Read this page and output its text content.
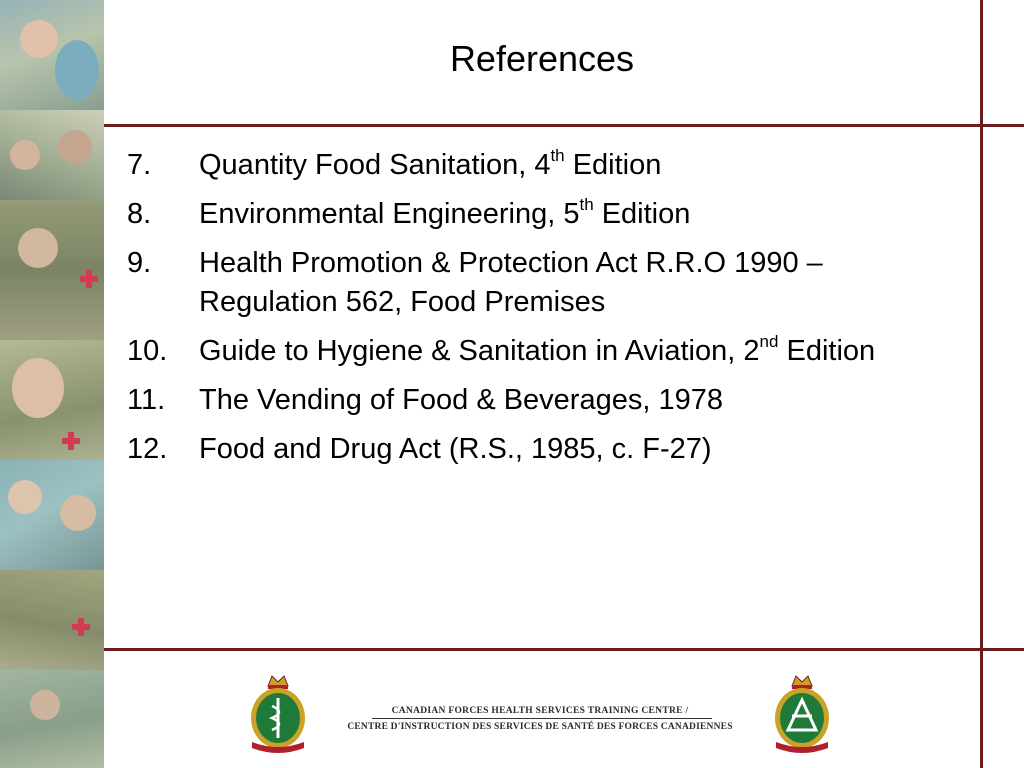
References
7.	Quantity Food Sanitation, 4th Edition
8.	Environmental Engineering, 5th Edition
9.	Health Promotion & Protection Act R.R.O 1990 – Regulation 562, Food Premises
10.	Guide to Hygiene & Sanitation in Aviation, 2nd Edition
11.	The Vending of Food & Beverages, 1978
12.	Food and Drug Act (R.S., 1985, c. F-27)
CANADIAN FORCES HEALTH SERVICES TRAINING CENTRE /
CENTRE D'INSTRUCTION DES SERVICES DE SANTÉ DES FORCES CANADIENNES
